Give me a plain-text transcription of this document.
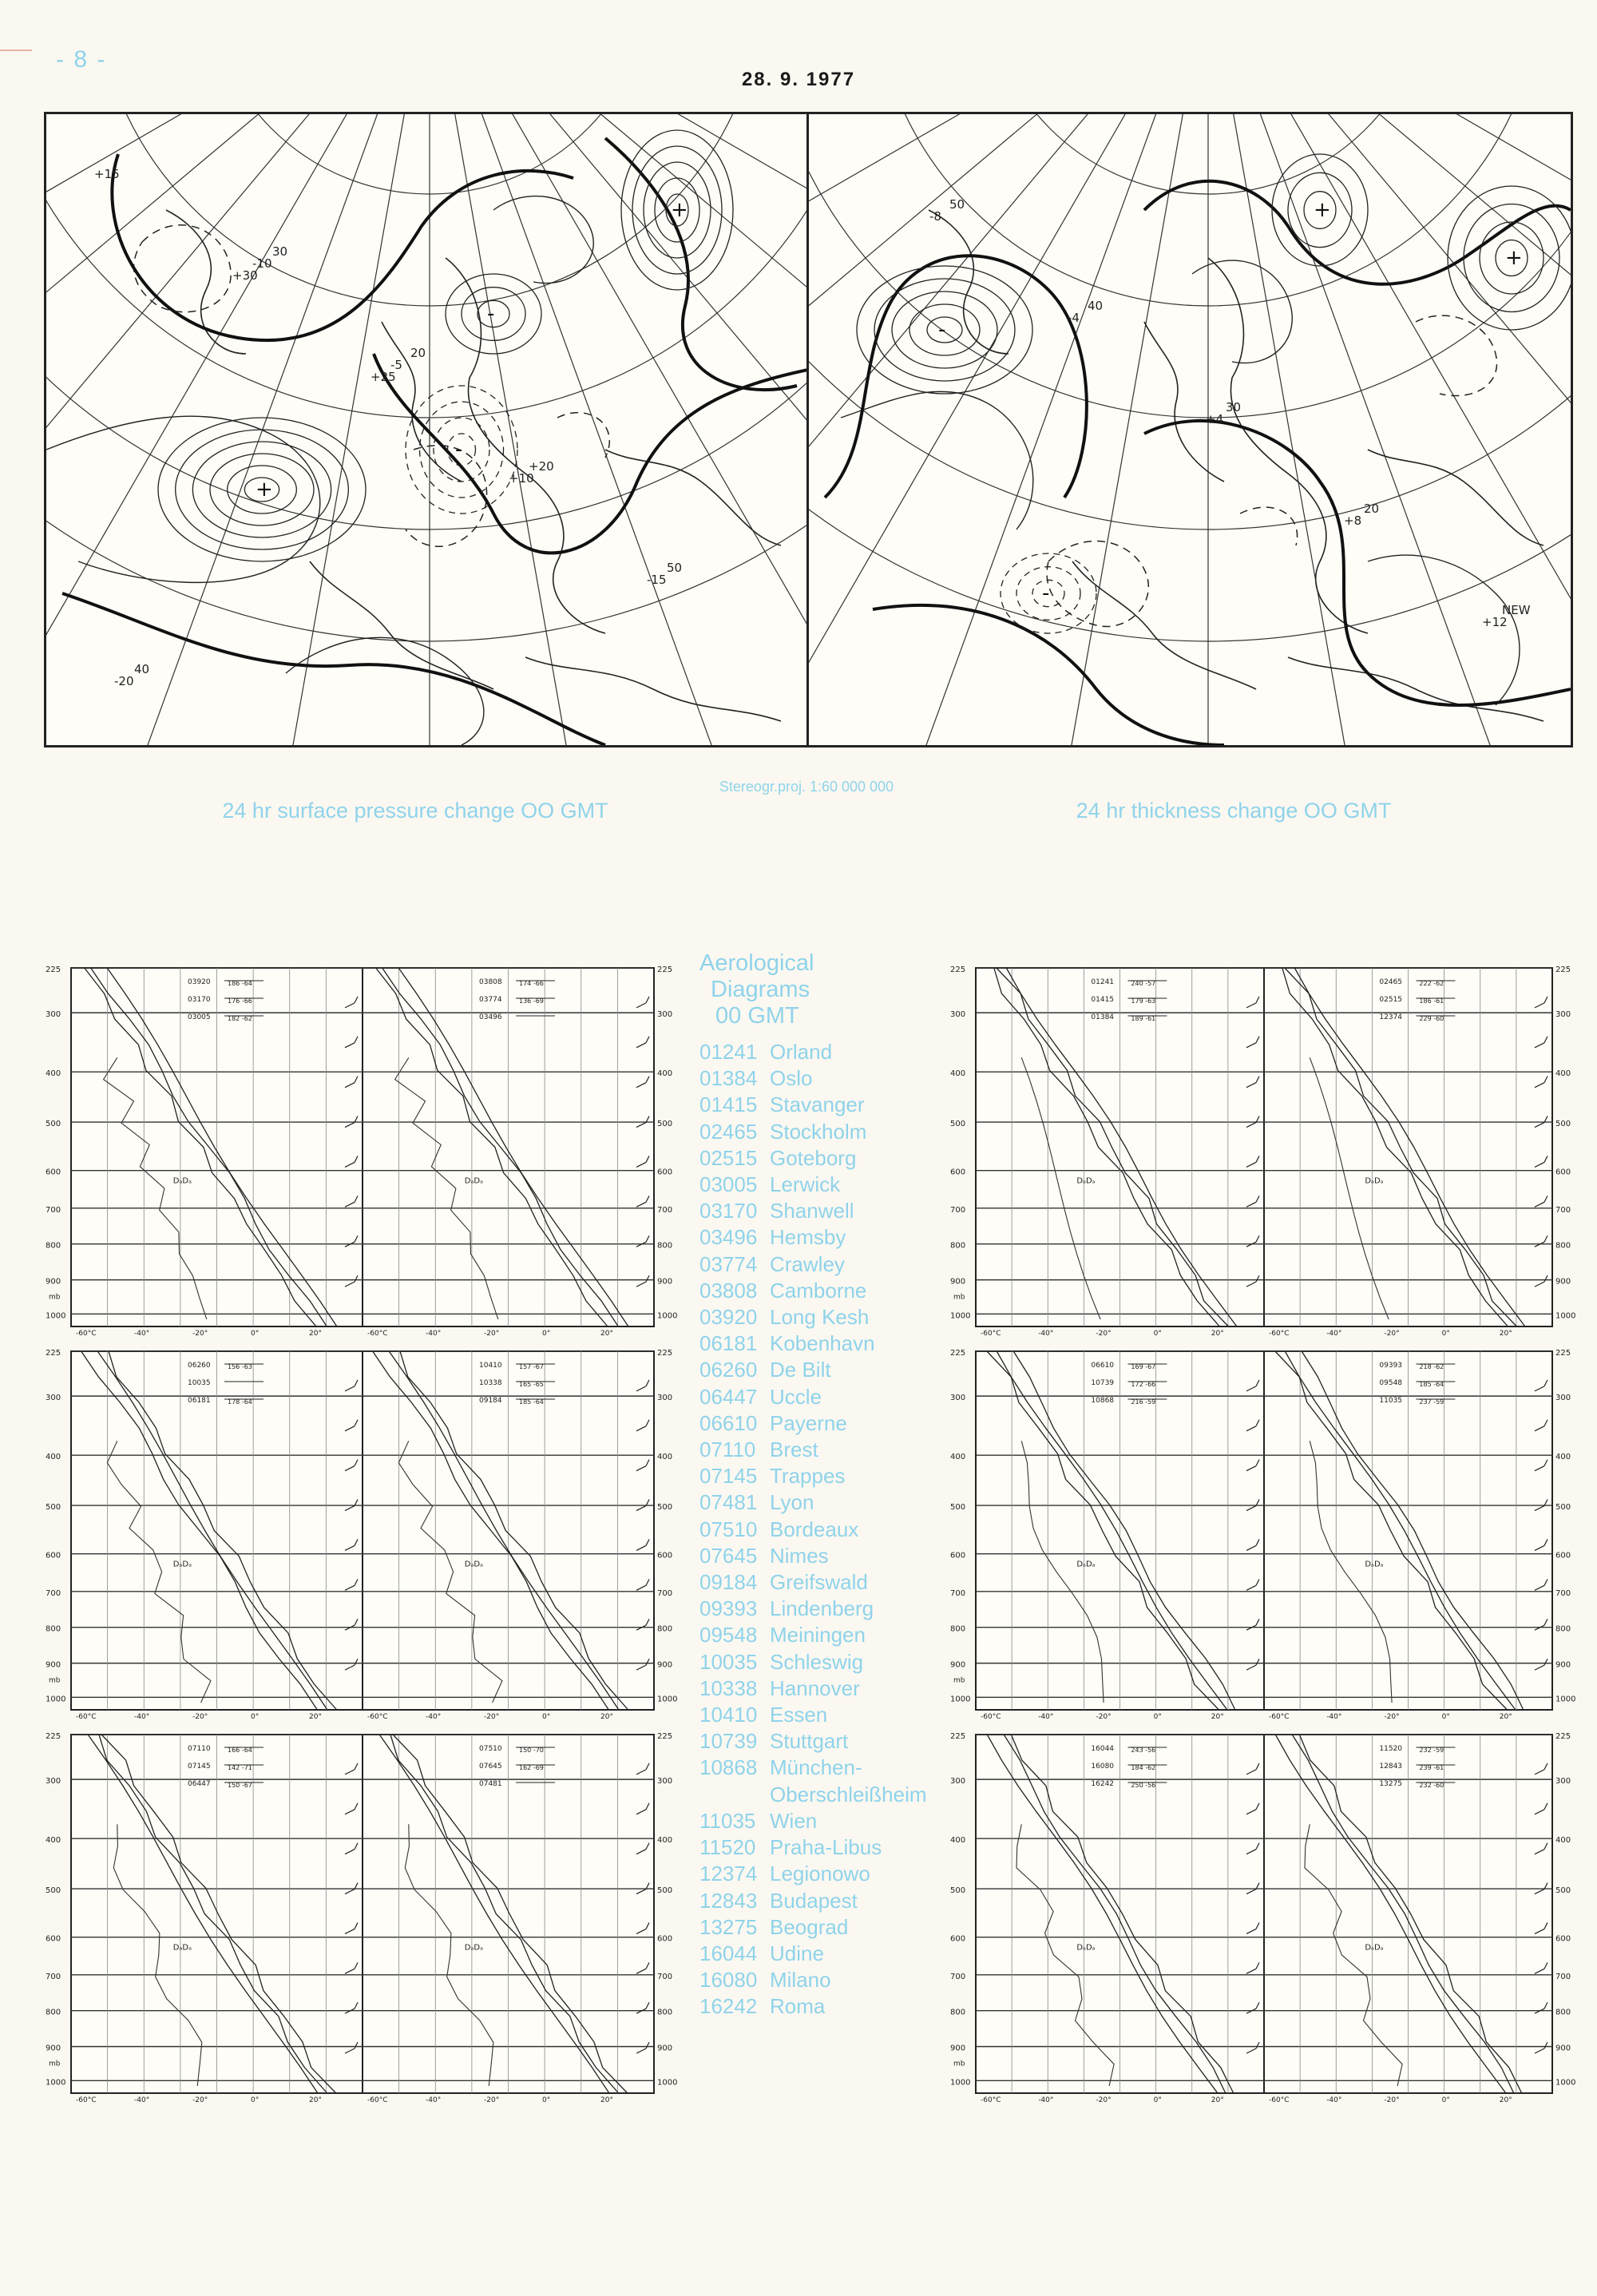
- 8 -
28. 9. 1977
+
+
-
-
+15
+30
+25
+10
-15
-20
-10
-5
+20
50
40
30
20
-
+
+
-
-8
-4
+4
+8
+12
50
40
30
20
NEW
Stereogr.proj. 1:60 000 000
24 hr surface pressure change OO GMT	24 hr thickness change OO GMT
Aerological
Diagrams
00 GMT
01241 Orland
01384 Oslo
01415 Stavanger
02465 Stockholm
02515 Goteborg
03005 Lerwick
03170 Shanwell
03496 Hemsby
03774 Crawley
03808 Camborne
03920 Long Kesh
06181 Kobenhavn
06260 De Bilt
06447 Uccle
06610 Payerne
07110 Brest
07145 Trappes
07481 Lyon
07510 Bordeaux
07645 Nimes
09184 Greifswald
09393 Lindenberg
09548 Meiningen
10035 Schleswig
10338 Hannover
10410 Essen
10739 Stuttgart
10868 München-
Oberschleißheim
11035 Wien
11520 Praha-Libus
12374 Legionowo
12843 Budapest
13275 Beograd
16044 Udine
16080 Milano
16242 Roma
225	225
300	300
400	400
500	500
600	600
700	700
800	800
900	900
1000	1000
-60°C	-40°	-20°	0°	20°
DₐDₐ
-60°C	-40°	-20°	0°	20°
DₐDₐ
03920	186 -64
03170	176 -66
03005	182 -62
03808	174 -66
03774	136 -69
03496
mb
225	225
300	300
400	400
500	500
600	600
700	700
800	800
900	900
1000	1000
-60°C	-40°	-20°	0°	20°
DₐDₐ
-60°C	-40°	-20°	0°	20°
DₐDₐ
06260	156 -63
10035
06181	178 -64
10410	157 -67
10338	165 -65
09184	185 -64
mb
225	225
300	300
400	400
500	500
600	600
700	700
800	800
900	900
1000	1000
-60°C	-40°	-20°	0°	20°
DₐDₐ
-60°C	-40°	-20°	0°	20°
DₐDₐ
07110	166 -64
07145	142 -71
06447	150 -67
07510	150 -70
07645	162 -69
07481
mb
225	225
300	300
400	400
500	500
600	600
700	700
800	800
900	900
1000	1000
-60°C	-40°	-20°	0°	20°
DₐDₐ
-60°C	-40°	-20°	0°	20°
DₐDₐ
01241	240 -57
01415	179 -63
01384	189 -61
02465	222 -62
02515	186 -61
12374	229 -60
mb
225	225
300	300
400	400
500	500
600	600
700	700
800	800
900	900
1000	1000
-60°C	-40°	-20°	0°	20°
DₐDₐ
-60°C	-40°	-20°	0°	20°
DₐDₐ
06610	169 -67
10739	172 -66
10868	216 -59
09393	218 -62
09548	185 -64
11035	237 -59
mb
225	225
300	300
400	400
500	500
600	600
700	700
800	800
900	900
1000	1000
-60°C	-40°	-20°	0°	20°
DₐDₐ
-60°C	-40°	-20°	0°	20°
DₐDₐ
16044	243 -56
16080	184 -62
16242	250 -56
11520	232 -59
12843	239 -61
13275	232 -60
mb
